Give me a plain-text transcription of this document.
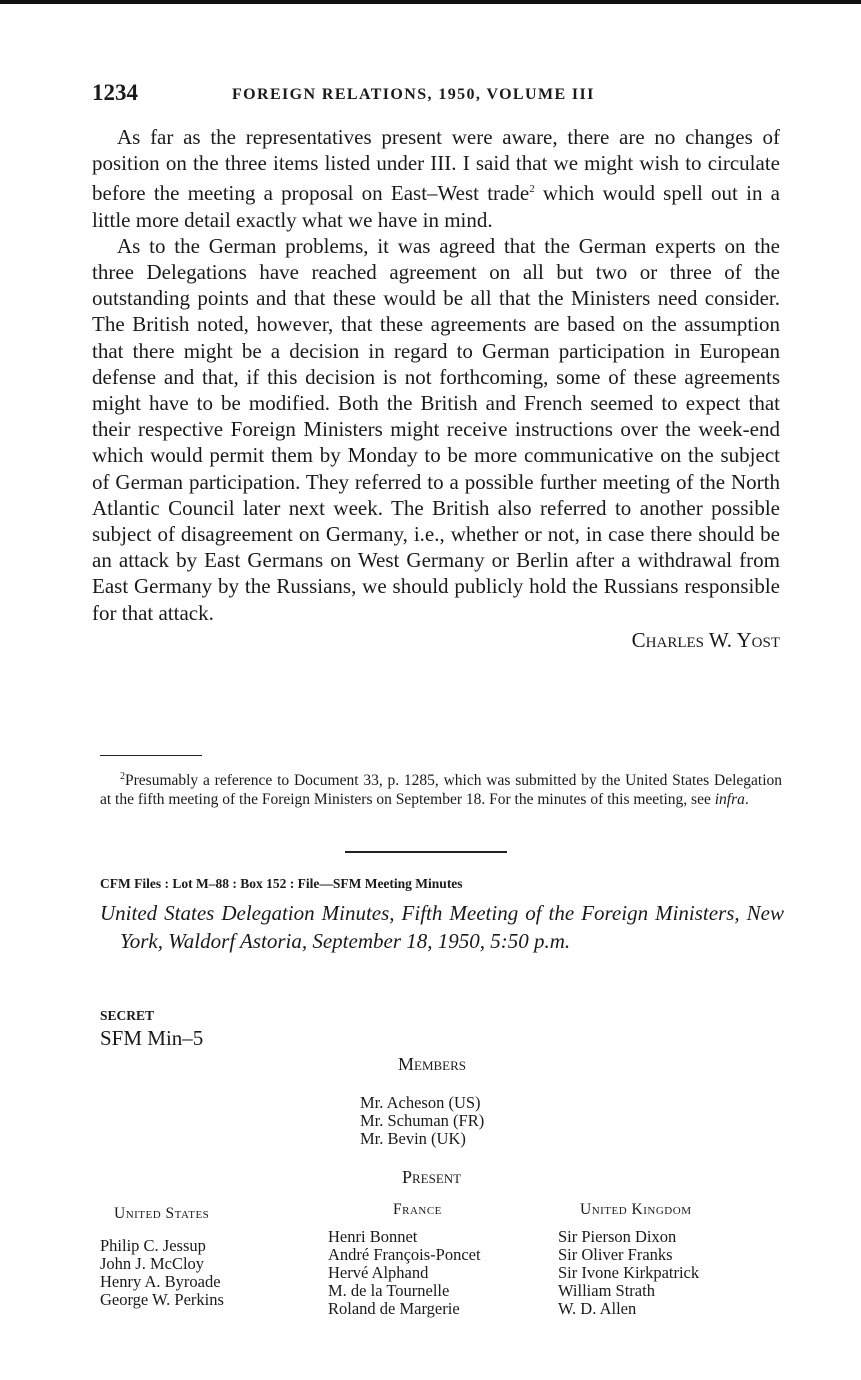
1234	FOREIGN RELATIONS, 1950, VOLUME III

As far as the representatives present were aware, there are no changes of position on the three items listed under III. I said that we might wish to circulate before the meeting a proposal on East–West trade$^2$ which would spell out in a little more detail exactly what we have in mind.

As to the German problems, it was agreed that the German experts on the three Delegations have reached agreement on all but two or three of the outstanding points and that these would be all that the Ministers need consider. The British noted, however, that these agreements are based on the assumption that there might be a decision in regard to German participation in European defense and that, if this decision is not forthcoming, some of these agreements might have to be modified. Both the British and French seemed to expect that their respective Foreign Ministers might receive instructions over the week-end which would permit them by Monday to be more communicative on the subject of German participation. They referred to a possible further meeting of the North Atlantic Council later next week. The British also referred to another possible subject of disagreement on Germany, i.e., whether or not, in case there should be an attack by East Germans on West Germany or Berlin after a withdrawal from East Germany by the Russians, we should publicly hold the Russians responsible for that attack.

Charles W. Yost
$^2$Presumably a reference to Document 33, p. 1285, which was submitted by the United States Delegation at the fifth meeting of the Foreign Ministers on September 18. For the minutes of this meeting, see infra.
CFM Files : Lot M–88 : Box 152 : File—SFM Meeting Minutes
United States Delegation Minutes, Fifth Meeting of the Foreign Ministers, New York, Waldorf Astoria, September 18, 1950, 5:50 p.m.
SECRET
SFM Min–5
Members
Mr. Acheson (US)
Mr. Schuman (FR)
Mr. Bevin (UK)
Present
United States
Philip C. Jessup
John J. McCloy
Henry A. Byroade
George W. Perkins
France
Henri Bonnet
André François-Poncet
Hervé Alphand
M. de la Tournelle
Roland de Margerie
United Kingdom
Sir Pierson Dixon
Sir Oliver Franks
Sir Ivone Kirkpatrick
William Strath
W. D. Allen
